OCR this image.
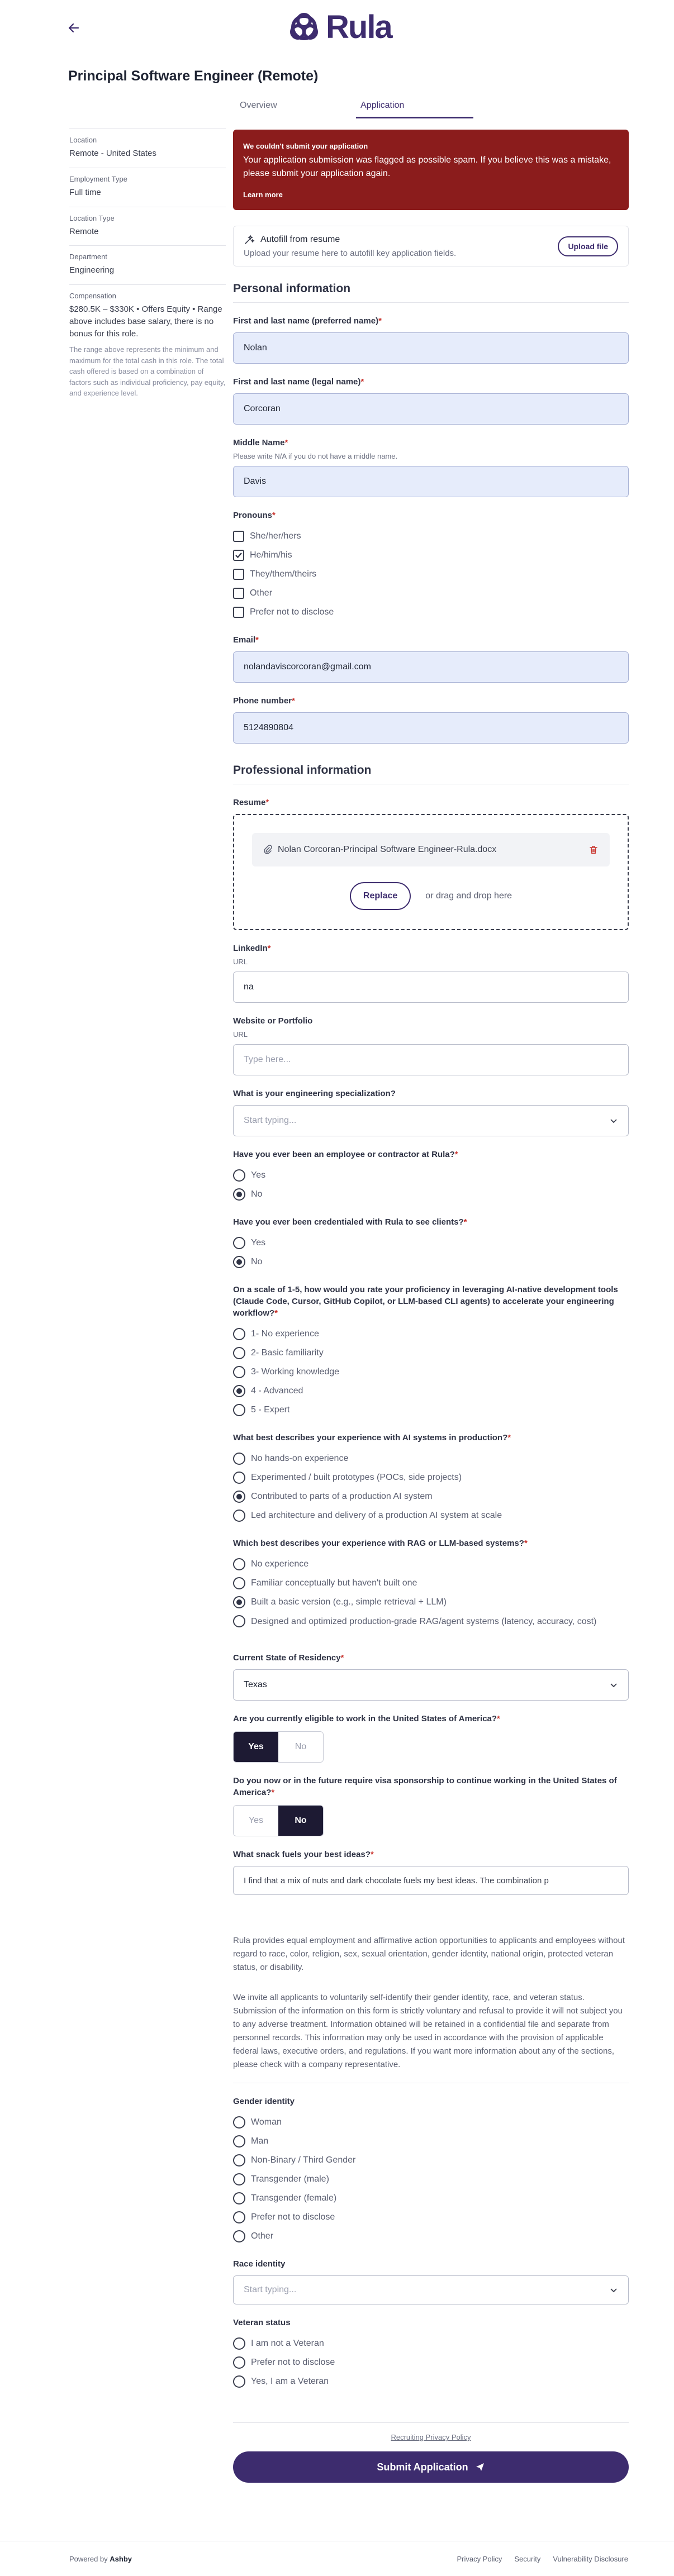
Rula
Principal Software Engineer (Remote)
Overview	Application
Location
Remote - United States
Employment Type
Full time
Location Type
Remote
Department
Engineering
Compensation
$280.5K – $330K • Offers Equity • Range above includes base salary, there is no bonus for this role.
The range above represents the minimum and maximum for the total cash in this role. The total cash offered is based on a combination of factors such as individual proficiency, pay equity, and experience level.
We couldn't submit your application
Your application submission was flagged as possible spam. If you believe this was a mistake, please submit your application again.
Learn more
Autofill from resume
Upload your resume here to autofill key application fields.
Upload file
Personal information
First and last name (preferred name)*
Nolan
First and last name (legal name)*
Corcoran
Middle Name*
Please write N/A if you do not have a middle name.
Davis
Pronouns*
She/her/hers
He/him/his
They/them/theirs
Other
Prefer not to disclose
Email*
nolandaviscorcoran@gmail.com
Phone number*
5124890804
Professional information
Resume*
Nolan Corcoran-Principal Software Engineer-Rula.docx
Replace	or drag and drop here
LinkedIn*
URL
na
Website or Portfolio
URL
Type here...
What is your engineering specialization?
Start typing...
Have you ever been an employee or contractor at Rula?*
Yes
No
Have you ever been credentialed with Rula to see clients?*
Yes
No
On a scale of 1-5, how would you rate your proficiency in leveraging AI-native development tools (Claude Code, Cursor, GitHub Copilot, or LLM-based CLI agents) to accelerate your engineering workflow?*
1- No experience
2- Basic familiarity
3- Working knowledge
4 - Advanced
5 - Expert
What best describes your experience with AI systems in production?*
No hands-on experience
Experimented / built prototypes (POCs, side projects)
Contributed to parts of a production AI system
Led architecture and delivery of a production AI system at scale
Which best describes your experience with RAG or LLM-based systems?*
No experience
Familiar conceptually but haven't built one
Built a basic version (e.g., simple retrieval + LLM)
Designed and optimized production-grade RAG/agent systems (latency, accuracy, cost)
Current State of Residency*
Texas
Are you currently eligible to work in the United States of America?*
Yes	No
Do you now or in the future require visa sponsorship to continue working in the United States of America?*
Yes	No
What snack fuels your best ideas?*
I find that a mix of nuts and dark chocolate fuels my best ideas. The combination p
Rula provides equal employment and affirmative action opportunities to applicants and employees without regard to race, color, religion, sex, sexual orientation, gender identity, national origin, protected veteran status, or disability.
We invite all applicants to voluntarily self-identify their gender identity, race, and veteran status. Submission of the information on this form is strictly voluntary and refusal to provide it will not subject you to any adverse treatment. Information obtained will be retained in a confidential file and separate from personnel records. This information may only be used in accordance with the provision of applicable federal laws, executive orders, and regulations. If you want more information about any of the sections, please check with a company representative.
Gender identity
Woman
Man
Non-Binary / Third Gender
Transgender (male)
Transgender (female)
Prefer not to disclose
Other
Race identity
Start typing...
Veteran status
I am not a Veteran
Prefer not to disclose
Yes, I am a Veteran
Recruiting Privacy Policy
Submit Application
Powered by Ashby	Privacy Policy Security Vulnerability Disclosure
